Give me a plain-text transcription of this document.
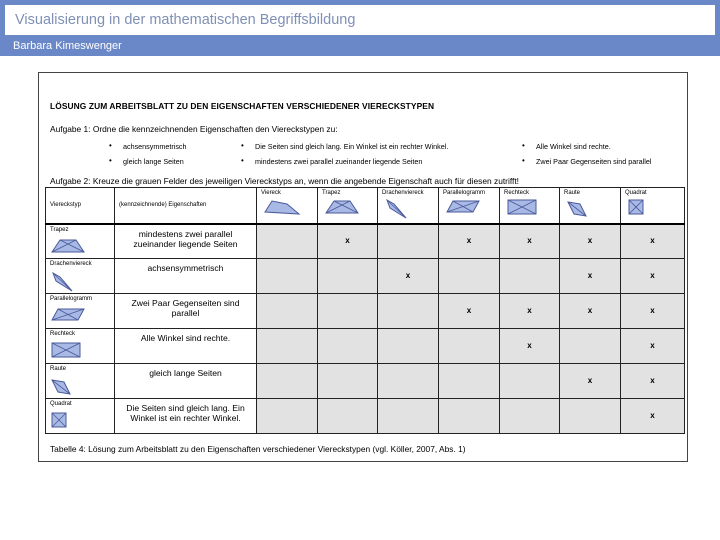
Visualisierung in der mathematischen Begriffsbildung
Barbara Kimeswenger
LÖSUNG ZUM ARBEITSBLATT ZU DEN EIGENSCHAFTEN VERSCHIEDENER VIERECKSTYPEN
Aufgabe 1: Ordne die kennzeichnenden Eigenschaften den Viereckstypen zu:
• achsensymmetrisch	• Die Seiten sind gleich lang. Ein Winkel ist ein rechter Winkel.	• Alle Winkel sind rechte.
• gleich lange Seiten	• mindestens zwei parallel zueinander liegende Seiten	• Zwei Paar Gegenseiten sind parallel
Aufgabe 2: Kreuze die grauen Felder des jeweiligen Viereckstyps an, wenn die angebende Eigenschaft auch für diesen zutrifft!
Viereckstyp	(kennzeichnende) Eigenschaften	Viereck	Trapez	Drachenviereck	Parallelogramm	Rechteck	Raute	Quadrat

Trapez	mindestens zwei parallel zueinander liegende Seiten		x		x	x	x	x
Drachenviereck	achsensymmetrisch			x			x	x
Parallelogramm	Zwei Paar Gegenseiten sind parallel				x	x	x	x
Rechteck	Alle Winkel sind rechte.					x		x
Raute	gleich lange Seiten						x	x
Quadrat	Die Seiten sind gleich lang. Ein Winkel ist ein rechter Winkel.							x
Tabelle 4: Lösung zum Arbeitsblatt zu den Eigenschaften verschiedener Viereckstypen (vgl. Köller, 2007, Abs. 1)
